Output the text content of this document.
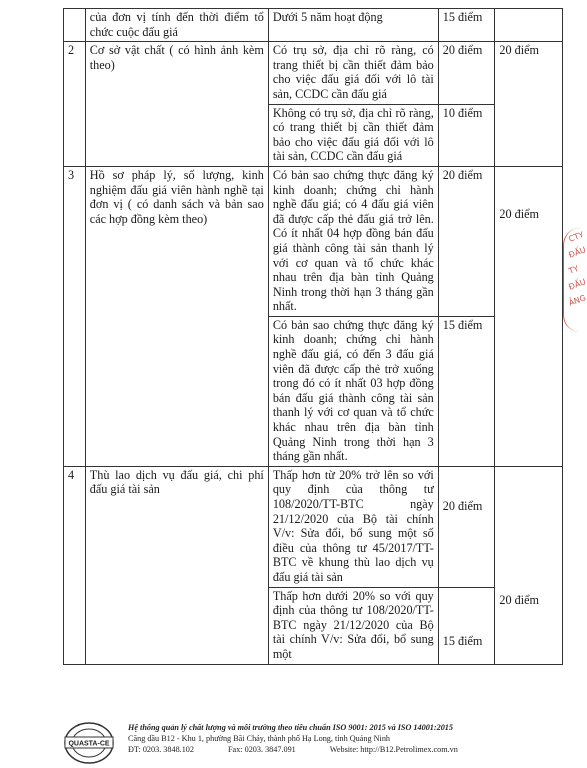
	của đơn vị tính đến thời điểm tổ chức cuộc đấu giá	Dưới 5 năm hoạt động	15 điểm	
2	Cơ sở vật chất ( có hình ảnh kèm theo)	Có trụ sở, địa chỉ rõ ràng, có trang thiết bị cần thiết đảm bảo cho việc đấu giá đối với lô tài sản, CCDC cần đấu giá	20 điểm	20 điểm
		Không có trụ sở, địa chỉ rõ ràng, có trang thiết bị cần thiết đảm bảo cho việc đấu giá đối với lô tài sản, CCDC cần đấu giá	10 điểm	
3	Hồ sơ pháp lý, số lượng, kinh nghiệm đấu giá viên hành nghề tại đơn vị ( có danh sách và bản sao các hợp đồng kèm theo)	Có bản sao chứng thực đăng ký kinh doanh; chứng chỉ hành nghề đấu giá; có 4 đấu giá viên đã được cấp thẻ đấu giá trở lên. Có ít nhất 04 hợp đồng bán đấu giá thành công tài sản thanh lý với cơ quan và tổ chức khác nhau trên địa bàn tỉnh Quảng Ninh trong thời hạn 3 tháng gần nhất.	20 điểm	20 điểm
		Có bản sao chứng thực đăng ký kinh doanh; chứng chỉ hành nghề đấu giá, có đến 3 đấu giá viên đã được cấp thẻ trở xuống trong đó có ít nhất 03 hợp đồng bán đấu giá thành công tài sản thanh lý với cơ quan và tổ chức khác nhau trên địa bàn tỉnh Quảng Ninh trong thời hạn 3 tháng gần nhất.	15 điểm	
4	Thù lao dịch vụ đấu giá, chi phí đấu giá tài sản	Thấp hơn từ 20% trở lên so với quy định của thông tư 108/2020/TT-BTC ngày 21/12/2020 của Bộ tài chính V/v: Sửa đổi, bổ sung một số điều của thông tư 45/2017/TT-BTC về khung thù lao dịch vụ đấu giá tài sản	20 điểm	20 điểm
		Thấp hơn dưới 20% so với quy định của thông tư 108/2020/TT-BTC ngày 21/12/2020 của Bộ tài chính V/v: Sửa đổi, bổ sung một	15 điểm	
CTY
ĐẤU
TY
ĐẤU
ẢNG
QUASTA-CE
Hệ thống quản lý chất lượng và môi trường theo tiêu chuẩn ISO 9001: 2015 và ISO 14001:2015
Căng dầu B12 - Khu 1, phường Bãi Cháy, thành phố Hạ Long, tỉnh Quảng Ninh
ĐT: 0203. 3848.102	Fax: 0203. 3847.091	Website: http://B12.Petrolimex.com.vn
